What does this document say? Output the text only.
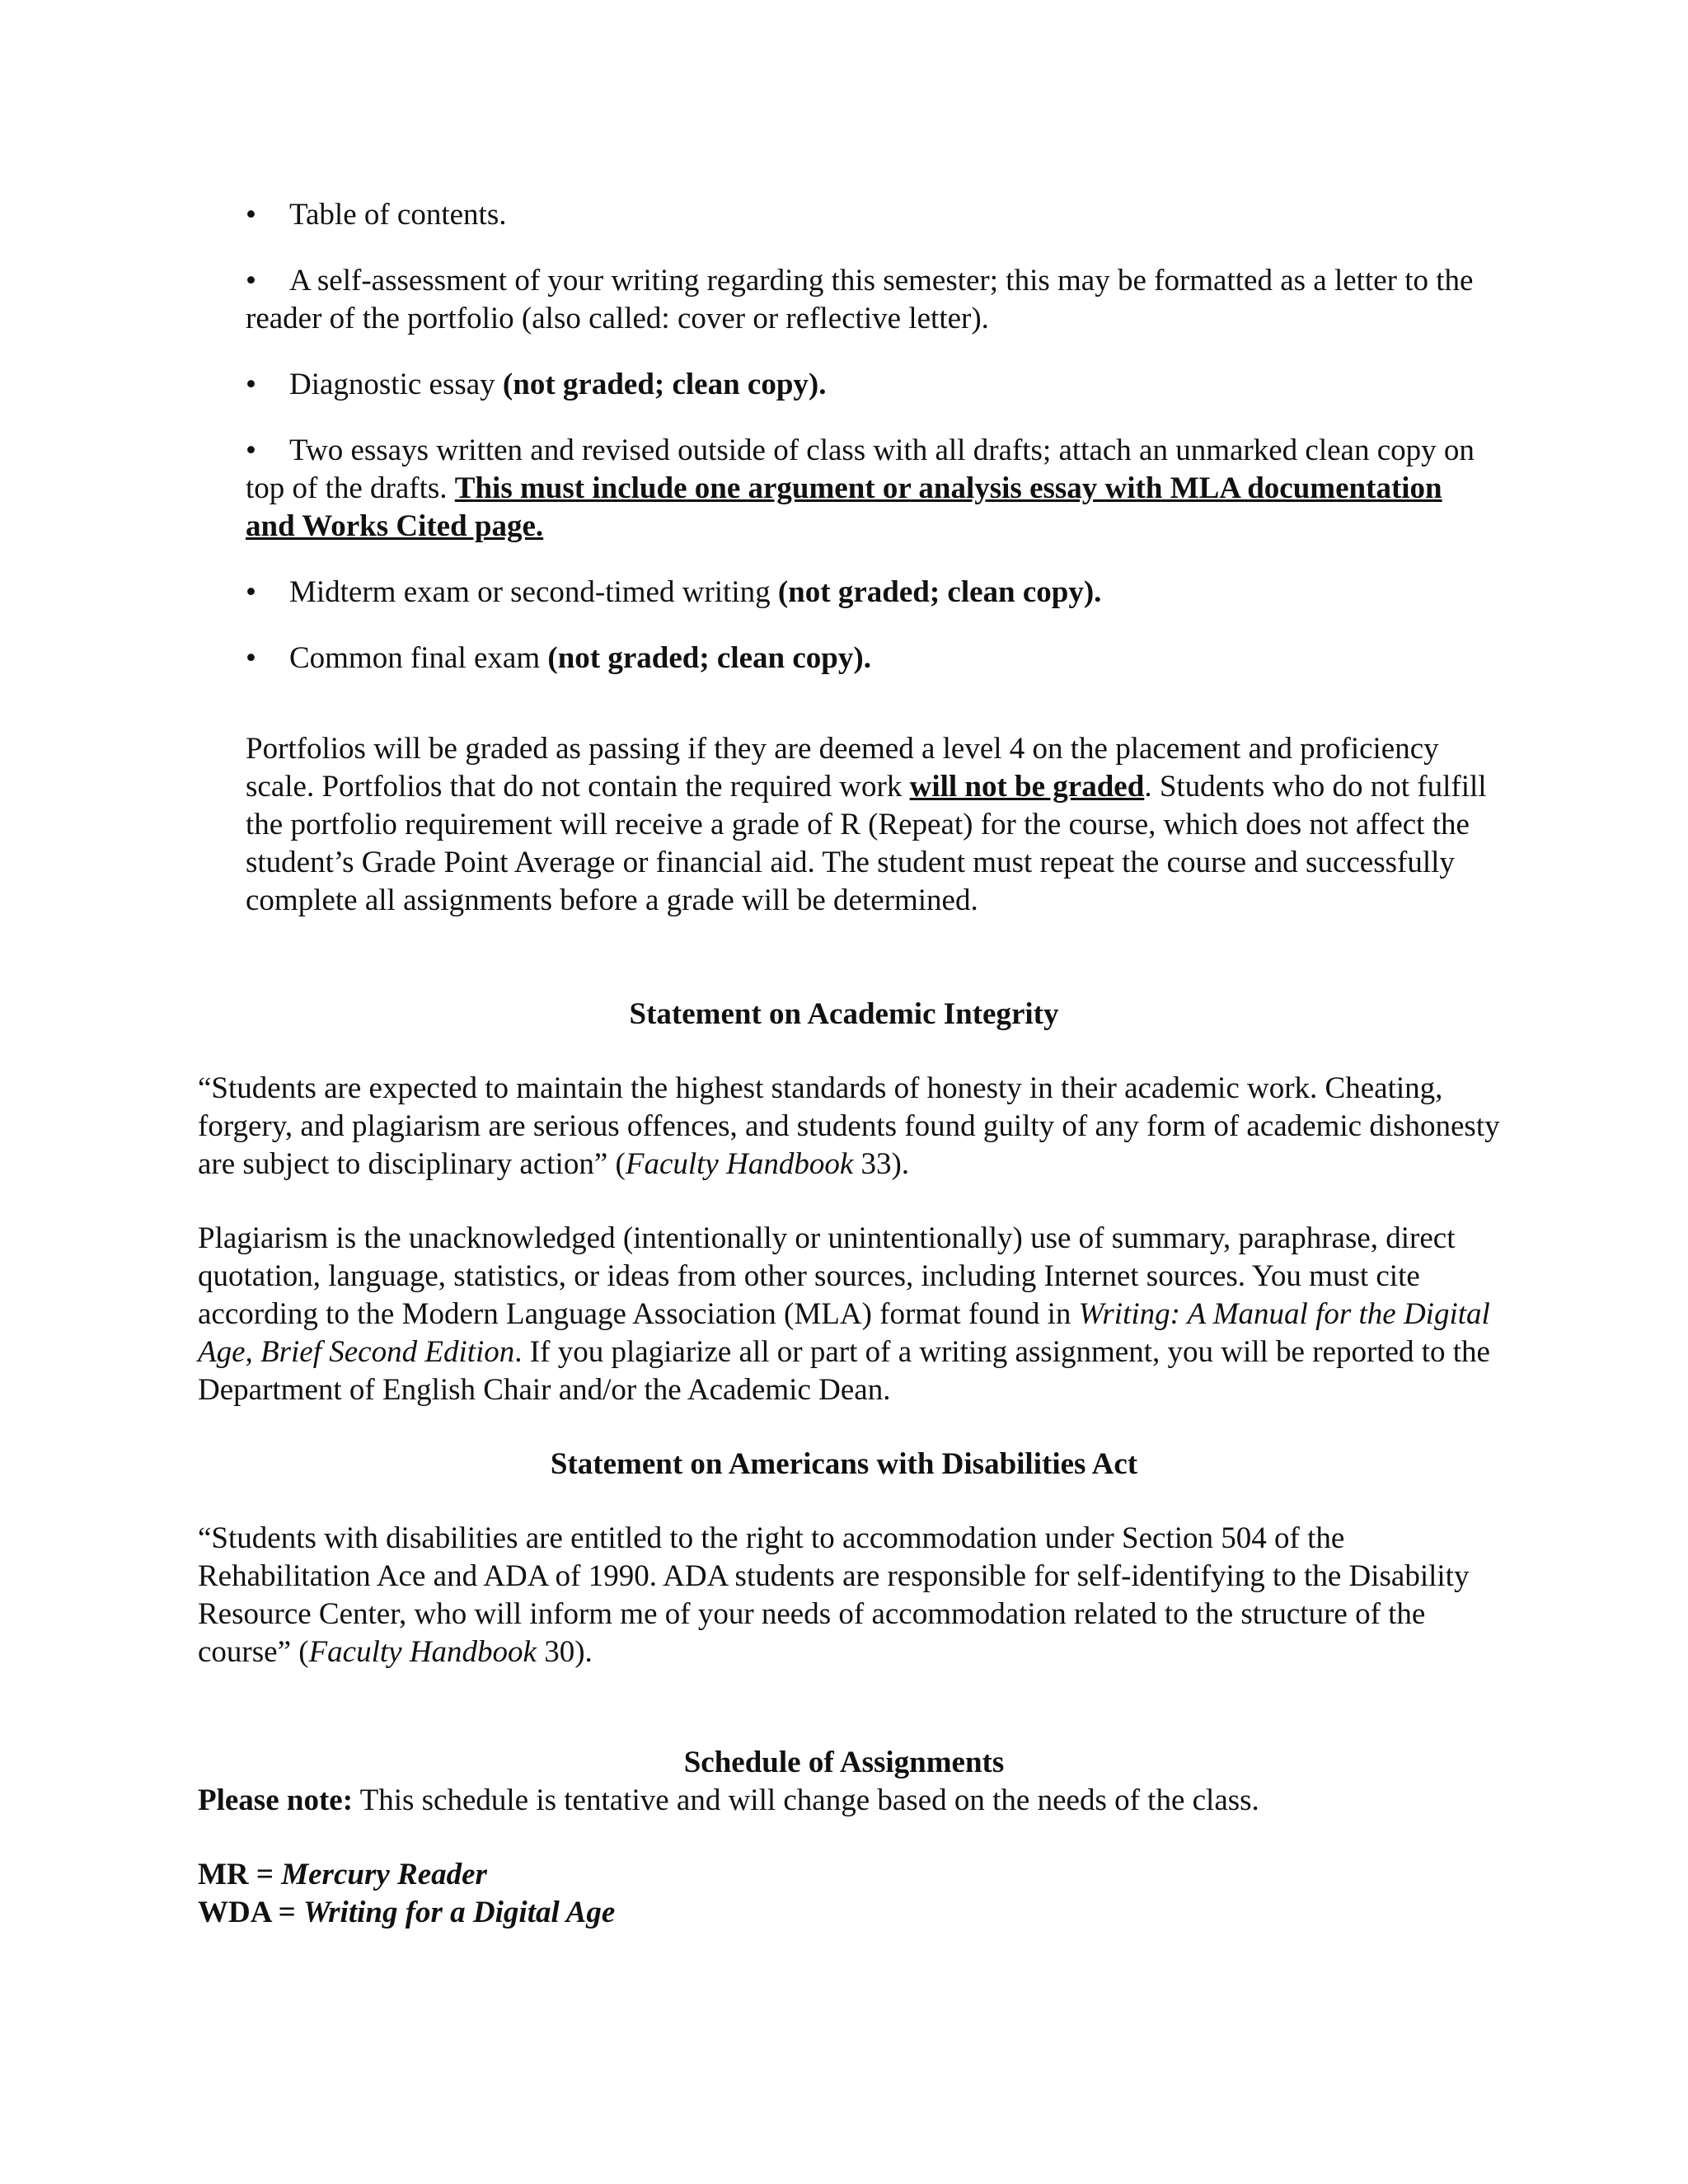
• Table of contents.
• A self-assessment of your writing regarding this semester; this may be formatted as a letter to the reader of the portfolio (also called: cover or reflective letter).
• Diagnostic essay (not graded; clean copy).
• Two essays written and revised outside of class with all drafts; attach an unmarked clean copy on top of the drafts. This must include one argument or analysis essay with MLA documentation and Works Cited page.
• Midterm exam or second-timed writing (not graded; clean copy).
• Common final exam (not graded; clean copy).
Portfolios will be graded as passing if they are deemed a level 4 on the placement and proficiency scale. Portfolios that do not contain the required work will not be graded. Students who do not fulfill the portfolio requirement will receive a grade of R (Repeat) for the course, which does not affect the student’s Grade Point Average or financial aid. The student must repeat the course and successfully complete all assignments before a grade will be determined.
Statement on Academic Integrity
“Students are expected to maintain the highest standards of honesty in their academic work. Cheating, forgery, and plagiarism are serious offences, and students found guilty of any form of academic dishonesty are subject to disciplinary action” (Faculty Handbook 33).
Plagiarism is the unacknowledged (intentionally or unintentionally) use of summary, paraphrase, direct quotation, language, statistics, or ideas from other sources, including Internet sources. You must cite according to the Modern Language Association (MLA) format found in Writing: A Manual for the Digital Age, Brief Second Edition. If you plagiarize all or part of a writing assignment, you will be reported to the Department of English Chair and/or the Academic Dean.
Statement on Americans with Disabilities Act
“Students with disabilities are entitled to the right to accommodation under Section 504 of the Rehabilitation Ace and ADA of 1990. ADA students are responsible for self-identifying to the Disability Resource Center, who will inform me of your needs of accommodation related to the structure of the course” (Faculty Handbook 30).
Schedule of Assignments
Please note: This schedule is tentative and will change based on the needs of the class.
MR = Mercury Reader
WDA = Writing for a Digital Age
